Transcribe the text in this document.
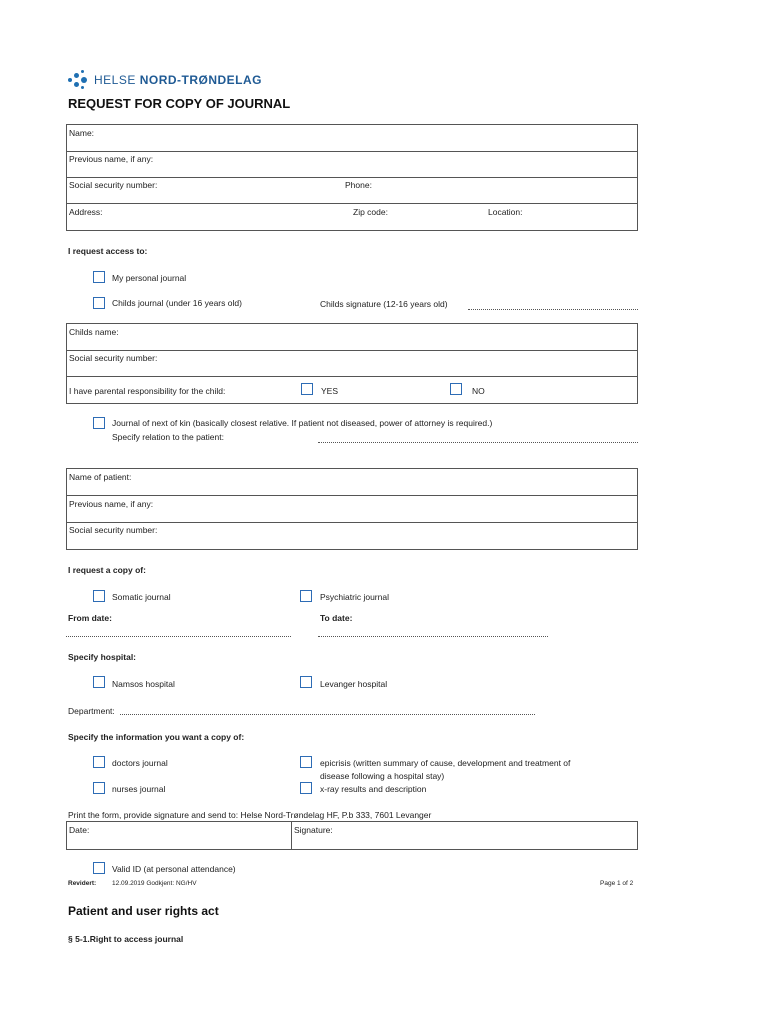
HELSE NORD-TRØNDELAG
REQUEST FOR COPY OF JOURNAL
Name:
Previous name, if any:
Social security number:	Phone:
Address:	Zip code:	Location:
I request access to:
My personal journal
Childs journal (under 16 years old)	Childs signature (12-16 years old)
Childs name:
Social security number:
I have parental responsibility for the child:	YES	NO
Journal of next of kin (basically closest relative. If patient not diseased, power of attorney is required.)
Specify relation to the patient:
Name of patient:
Previous name, if any:
Social security number:
I request a copy of:
Somatic journal	Psychiatric journal
From date:	To date:
Specify hospital:
Namsos hospital	Levanger hospital
Department:
Specify the information you want a copy of:
doctors journal	epicrisis (written summary of cause, development and treatment of
disease following a hospital stay)
nurses journal	x-ray results and description
Print the form, provide signature and send to: Helse Nord-Trøndelag HF, P.b 333, 7601 Levanger
Date:	Signature:
Valid ID (at personal attendance)
Revidert: 12.09.2019 Godkjent: NG/HV	Page 1 of 2
Patient and user rights act
§ 5-1.Right to access journal
